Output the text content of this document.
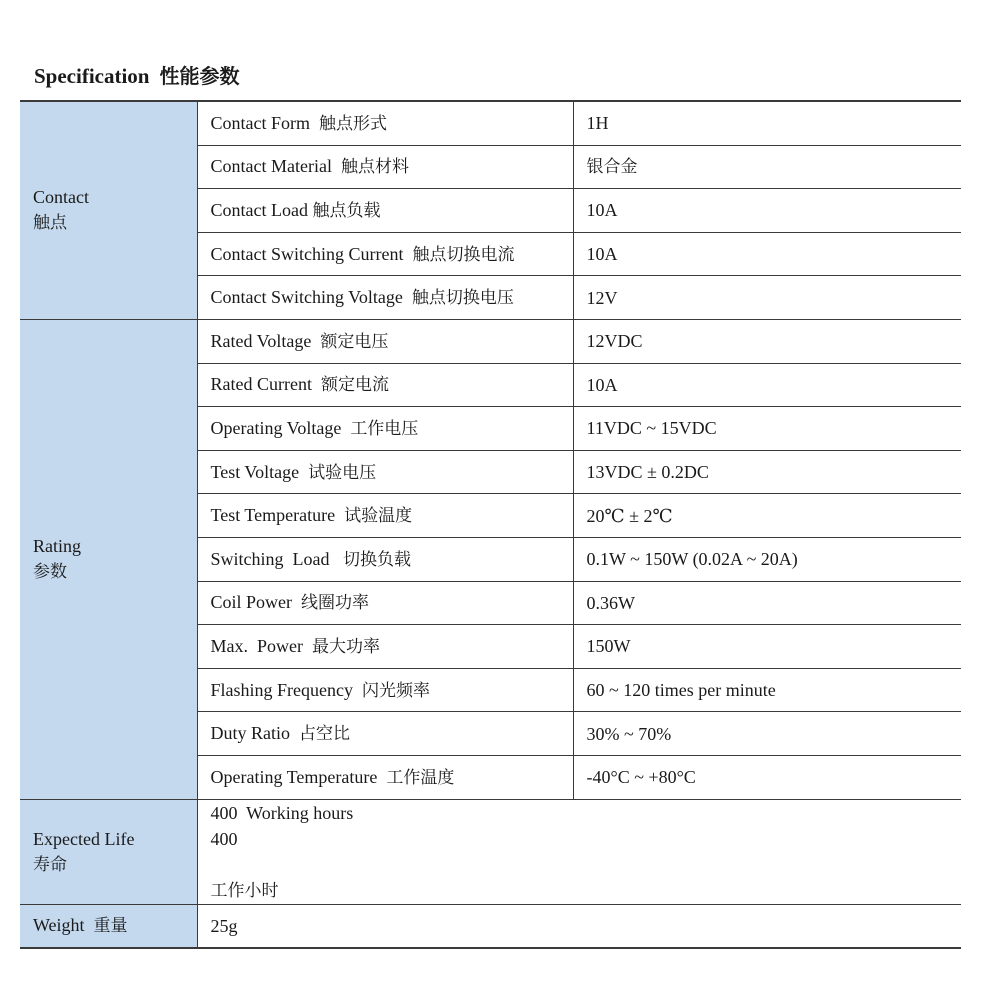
Specification 性能参数
Contact
触点	Contact Form 触点形式	1H
	Contact Material 触点材料	银合金
	Contact Load 触点负载	10A
	Contact Switching Current 触点切换电流	10A
	Contact Switching Voltage 触点切换电压	12V

Rating
参数	Rated Voltage 额定电压	12VDC
	Rated Current 额定电流	10A
	Operating Voltage 工作电压	11VDC ~ 15VDC
	Test Voltage 试验电压	13VDC ± 0.2DC
	Test Temperature 试验温度	20℃ ± 2℃
	Switching  Load 切换负载	0.1W ~ 150W (0.02A ~ 20A)
	Coil Power 线圈功率	0.36W
	Max.  Power 最大功率	150W
	Flashing Frequency 闪光频率	60 ~ 120 times per minute
	Duty Ratio 占空比	30% ~ 70%
	Operating Temperature 工作温度	-40°C ~ +80°C

Expected Life
寿命	400  Working hours
400

工作小时	

Weight 重量	25g	
